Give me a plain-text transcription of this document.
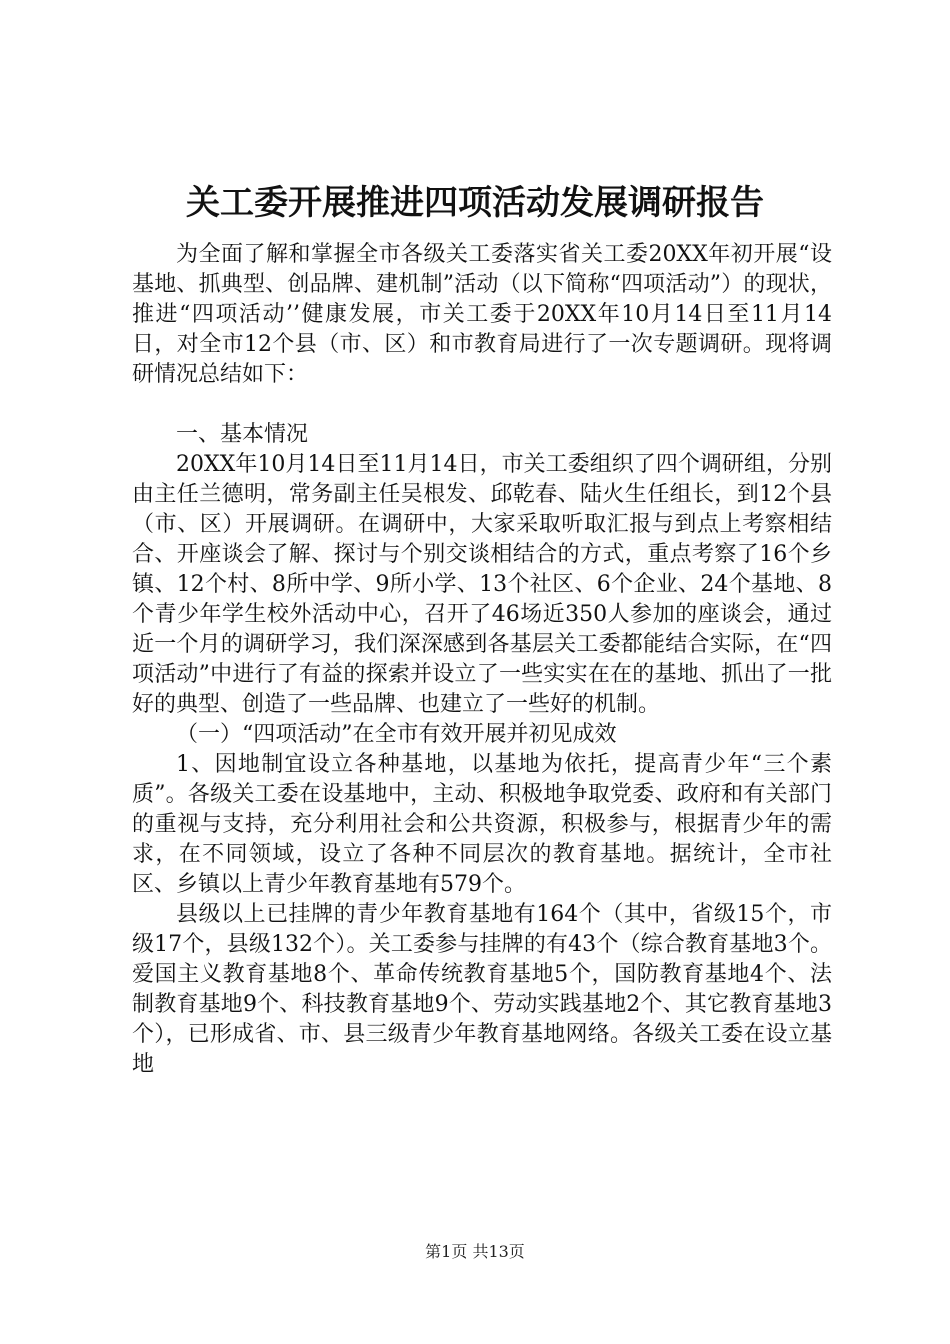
关工委开展推进四项活动发展调研报告

为全面了解和掌握全市各级关工委落实省关工委20XX年初开展“设基地、抓典型、创品牌、建机制”活动（以下简称“四项活动”）的现状，推进“四项活动’’健康发展，市关工委于20XX年10月14日至11月14日，对全市12个县（市、区）和市教育局进行了一次专题调研。现将调研情况总结如下：

一、基本情况

20XX年10月14日至11月14日，市关工委组织了四个调研组，分别由主任兰德明，常务副主任吴根发、邱乾春、陆火生任组长，到12个县（市、区）开展调研。在调研中，大家采取听取汇报与到点上考察相结合、开座谈会了解、探讨与个别交谈相结合的方式，重点考察了16个乡镇、12个村、8所中学、9所小学、13个社区、6个企业、24个基地、8个青少年学生校外活动中心，召开了46场近350人参加的座谈会，通过近一个月的调研学习，我们深深感到各基层关工委都能结合实际，在“四项活动”中进行了有益的探索并设立了一些实实在在的基地、抓出了一批好的典型、创造了一些品牌、也建立了一些好的机制。

（一）“四项活动”在全市有效开展并初见成效

1、因地制宜设立各种基地，以基地为依托，提高青少年“三个素质”。各级关工委在设基地中，主动、积极地争取党委、政府和有关部门的重视与支持，充分利用社会和公共资源，积极参与，根据青少年的需求，在不同领域，设立了各种不同层次的教育基地。据统计，全市社区、乡镇以上青少年教育基地有579个。

县级以上已挂牌的青少年教育基地有164个（其中，省级15个，市级17个，县级132个）。关工委参与挂牌的有43个（综合教育基地3个。爱国主义教育基地8个、革命传统教育基地5个，国防教育基地4个、法制教育基地9个、科技教育基地9个、劳动实践基地2个、其它教育基地3个），已形成省、市、县三级青少年教育基地网络。各级关工委在设立基地

第1页 共13页
